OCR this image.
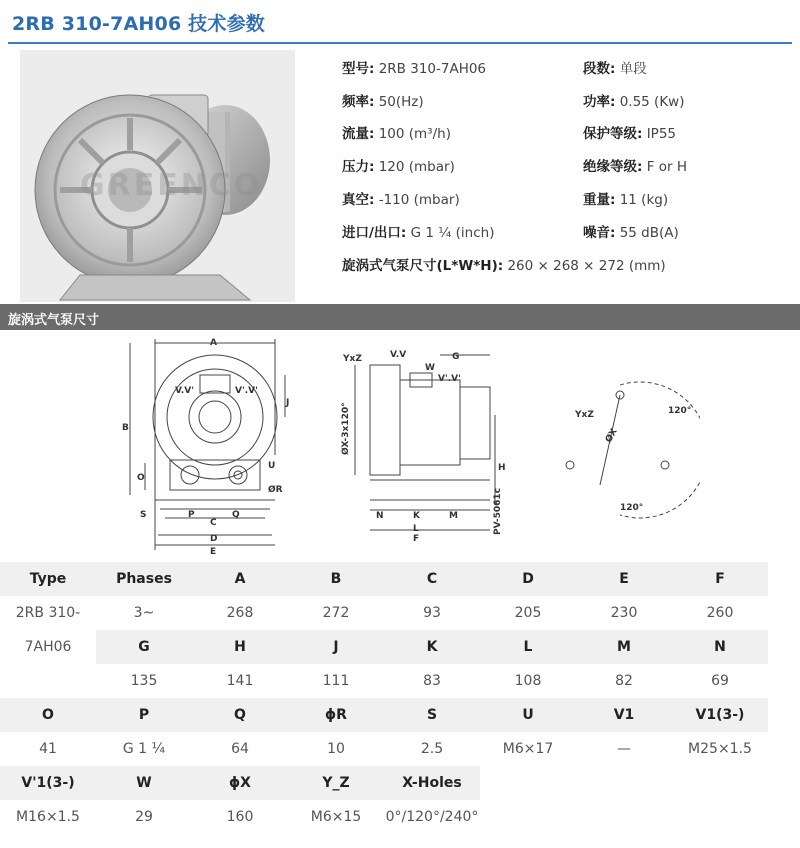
2RB 310-7AH06 技术参数
GREENCO
型号: 2RB 310-7AH06	段数: 单段
频率: 50(Hz)	功率: 0.55 (Kw)
流量: 100 (m³/h)	保护等级: IP55
压力: 120 (mbar)	绝缘等级: F or H
真空: -110 (mbar)	重量: 11 (kg)
进口/出口: G 1 ¼ (inch)	噪音: 55 dB(A)
旋涡式气泵尺寸(L*W*H): 260 × 268 × 272 (mm)
旋涡式气泵尺寸
A
V.V'	V'.V'
J
B
U
ØR
O
S	P	Q
C
D
E
YxZ	V.V	G
W
V'.V'
ØX-3x120°
H
N	K	M
L
F
PV-5061c
YxZ
ØX
120°
120°
Type	Phases	A	B	C	D	E	F
2RB 310-	3~	268	272	93	205	230	260
7AH06	G	H	J	K	L	M	N
	135	141	111	83	108	82	69
O	P	Q	ϕR	S	U	V1	V1(3-)
41	G 1 ¼	64	10	2.5	M6×17	—	M25×1.5
V'1(3-)	W	ϕX	Y_Z	X-Holes			
M16×1.5	29	160	M6×15	0°/120°/240°			
